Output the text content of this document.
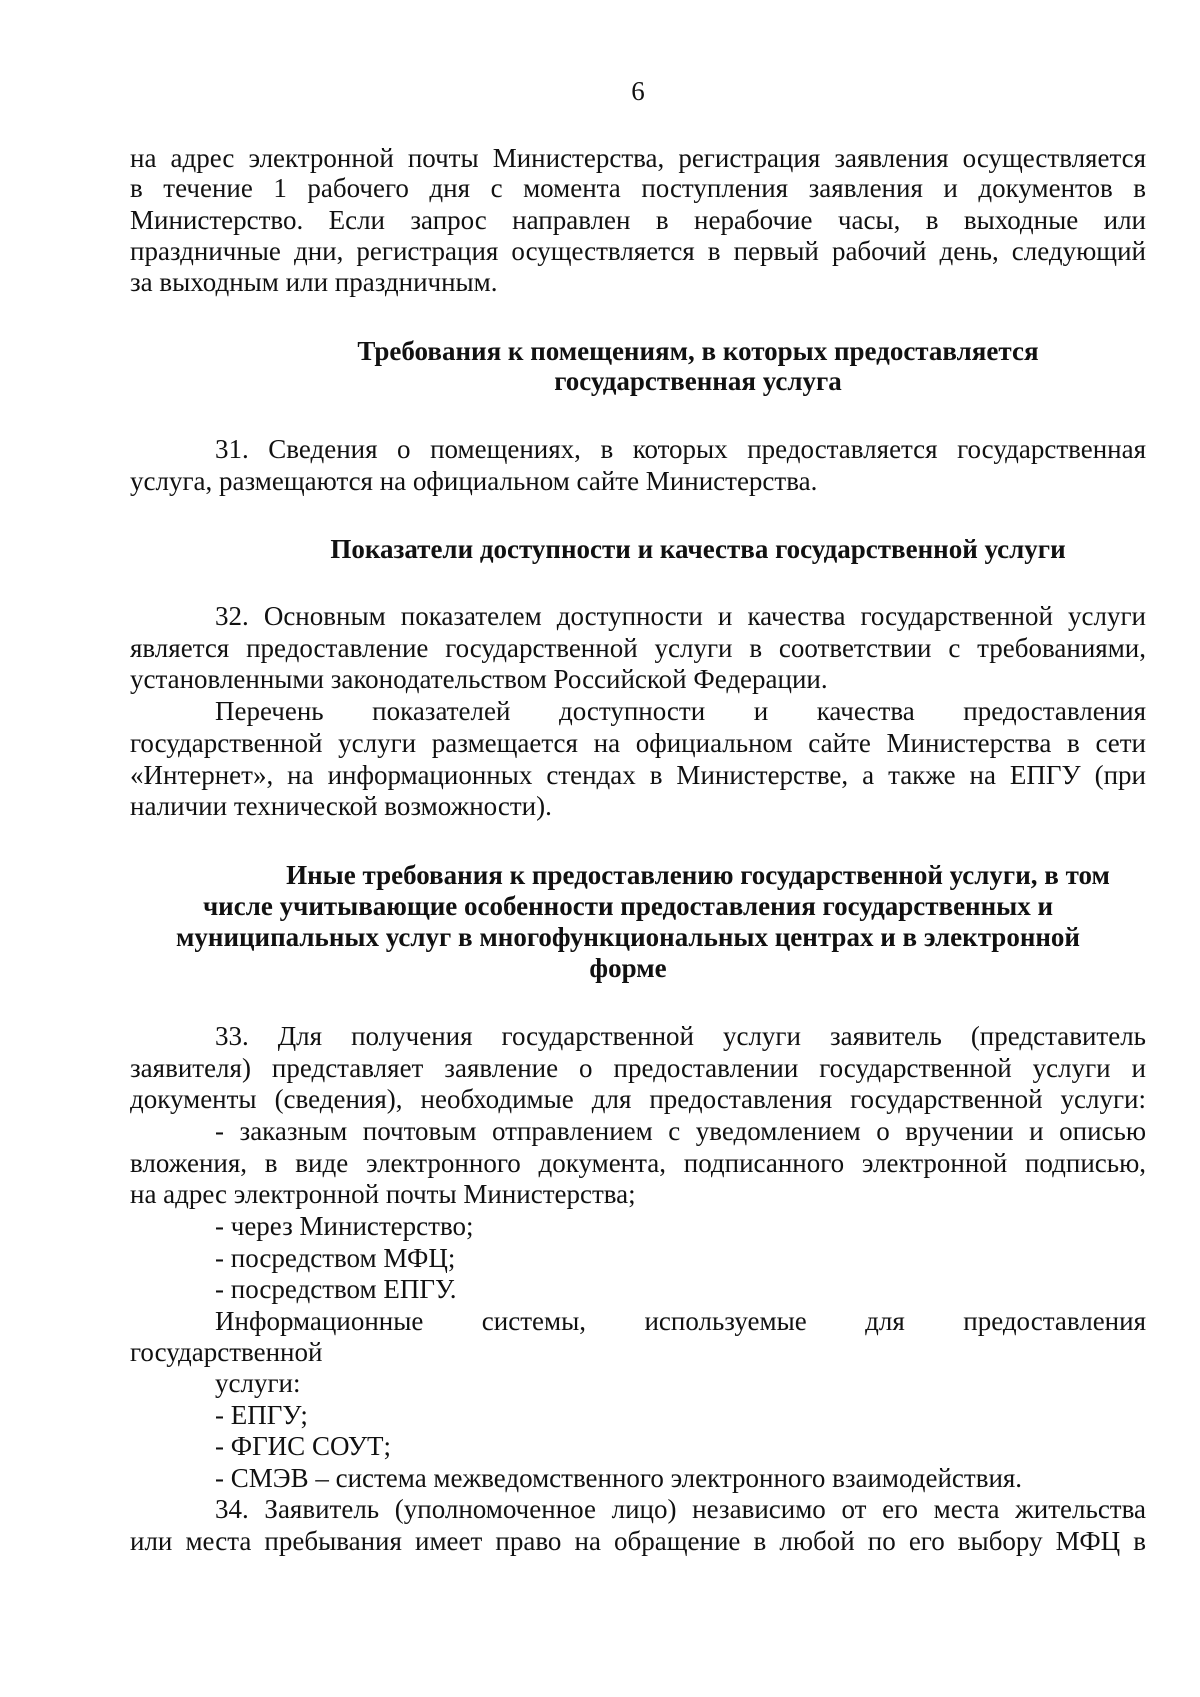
6
на адрес электронной почты Министерства, регистрация заявления осуществляется
в течение 1 рабочего дня с момента поступления заявления и документов в
Министерство. Если запрос направлен в нерабочие часы, в выходные или
праздничные дни, регистрация осуществляется в первый рабочий день, следующий
за выходным или праздничным.
Требования к помещениям, в которых предоставляется
государственная услуга
31. Сведения о помещениях, в которых предоставляется государственная
услуга, размещаются на официальном сайте Министерства.
Показатели доступности и качества государственной услуги
32. Основным показателем доступности и качества государственной услуги
является предоставление государственной услуги в соответствии с требованиями,
установленными законодательством Российской Федерации.
Перечень показателей доступности и качества предоставления
государственной услуги размещается на официальном сайте Министерства в сети
«Интернет», на информационных стендах в Министерстве, а также на ЕПГУ (при
наличии технической возможности).
Иные требования к предоставлению государственной услуги, в том
числе учитывающие особенности предоставления государственных и
муниципальных услуг в многофункциональных центрах и в электронной
форме
33. Для получения государственной услуги заявитель (представитель
заявителя) представляет заявление о предоставлении государственной услуги и
документы (сведения), необходимые для предоставления государственной услуги:
- заказным почтовым отправлением с уведомлением о вручении и описью
вложения, в виде электронного документа, подписанного электронной подписью,
на адрес электронной почты Министерства;
- через Министерство;
- посредством МФЦ;
- посредством ЕПГУ.
Информационные системы, используемые для предоставления
государственной
услуги:
- ЕПГУ;
- ФГИС СОУТ;
- СМЭВ – система межведомственного электронного взаимодействия.
34. Заявитель (уполномоченное лицо) независимо от его места жительства
или места пребывания имеет право на обращение в любой по его выбору МФЦ в
